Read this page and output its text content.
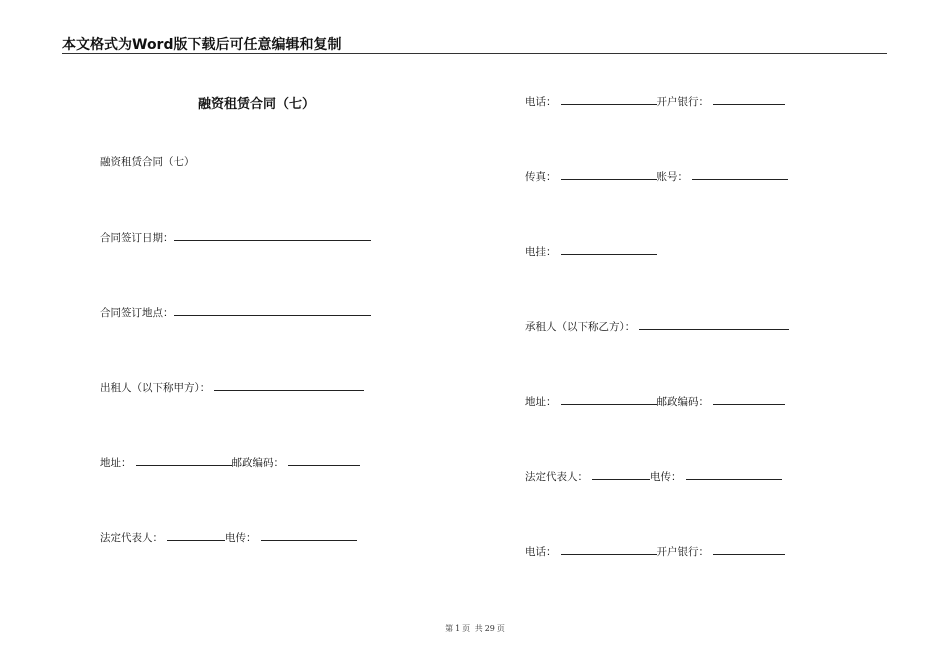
本文格式为Word版下载后可任意编辑和复制
融资租赁合同（七）
融资租赁合同（七）
合同签订日期：
合同签订地点：
出租人（以下称甲方）：
地址：	邮政编码：
法定代表人：	电传：
电话：	开户银行：
传真：	账号：
电挂：
承租人（以下称乙方）：
地址：	邮政编码：
法定代表人：	电传：
电话：	开户银行：
第 1 页 共 29 页
